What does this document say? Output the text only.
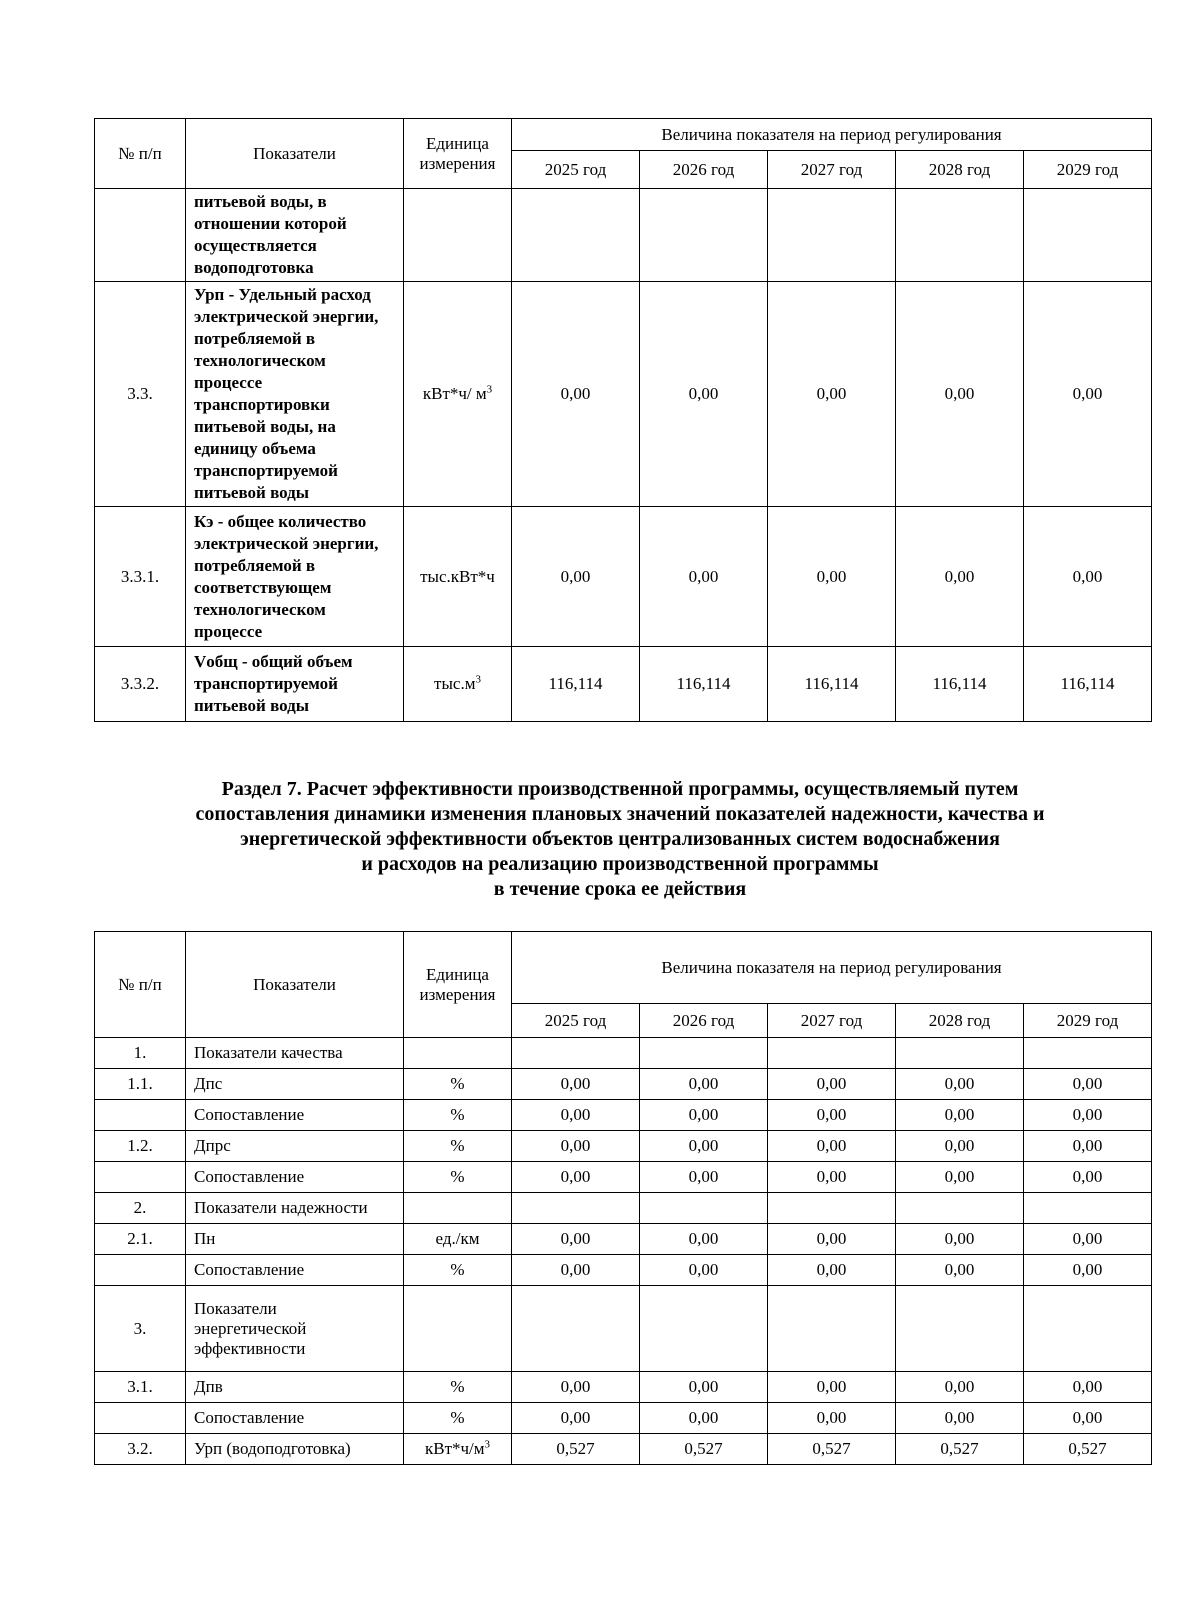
№ п/п	Показатели	Единица
измерения	Величина показателя на период регулирования				
			2025 год	2026 год	2027 год	2028 год	2029 год
	питьевой воды, в отношении которой осуществляется водоподготовка						
3.3.	Урп - Удельный расход электрической энергии, потребляемой в технологическом процессе транспортировки питьевой воды, на единицу объема транспортируемой питьевой воды	кВт*ч/ $м^3$	0,00	0,00	0,00	0,00	0,00
3.3.1.	Кэ - общее количество электрической энергии, потребляемой в соответствующем технологическом процессе	тыс.кВт*ч	0,00	0,00	0,00	0,00	0,00
3.3.2.	Vобщ - общий объем транспортируемой питьевой воды	$тыс.м^3$	116,114	116,114	116,114	116,114	116,114
Раздел 7. Расчет эффективности производственной программы, осуществляемый путем
сопоставления динамики изменения плановых значений показателей надежности, качества и
энергетической эффективности объектов централизованных систем водоснабжения
и расходов на реализацию производственной программы
в течение срока ее действия
№ п/п	Показатели	Единица
измерения	Величина показателя на период регулирования				
			2025 год	2026 год	2027 год	2028 год	2029 год
1.	Показатели качества						
1.1.	Дпс	%	0,00	0,00	0,00	0,00	0,00
	Сопоставление	%	0,00	0,00	0,00	0,00	0,00
1.2.	Дпрс	%	0,00	0,00	0,00	0,00	0,00
	Сопоставление	%	0,00	0,00	0,00	0,00	0,00
2.	Показатели надежности						
2.1.	Пн	ед./км	0,00	0,00	0,00	0,00	0,00
	Сопоставление	%	0,00	0,00	0,00	0,00	0,00
3.	Показатели энергетической эффективности						
3.1.	Дпв	%	0,00	0,00	0,00	0,00	0,00
	Сопоставление	%	0,00	0,00	0,00	0,00	0,00
3.2.	Урп (водоподготовка)	$кВт*ч/м^3$	0,527	0,527	0,527	0,527	0,527
